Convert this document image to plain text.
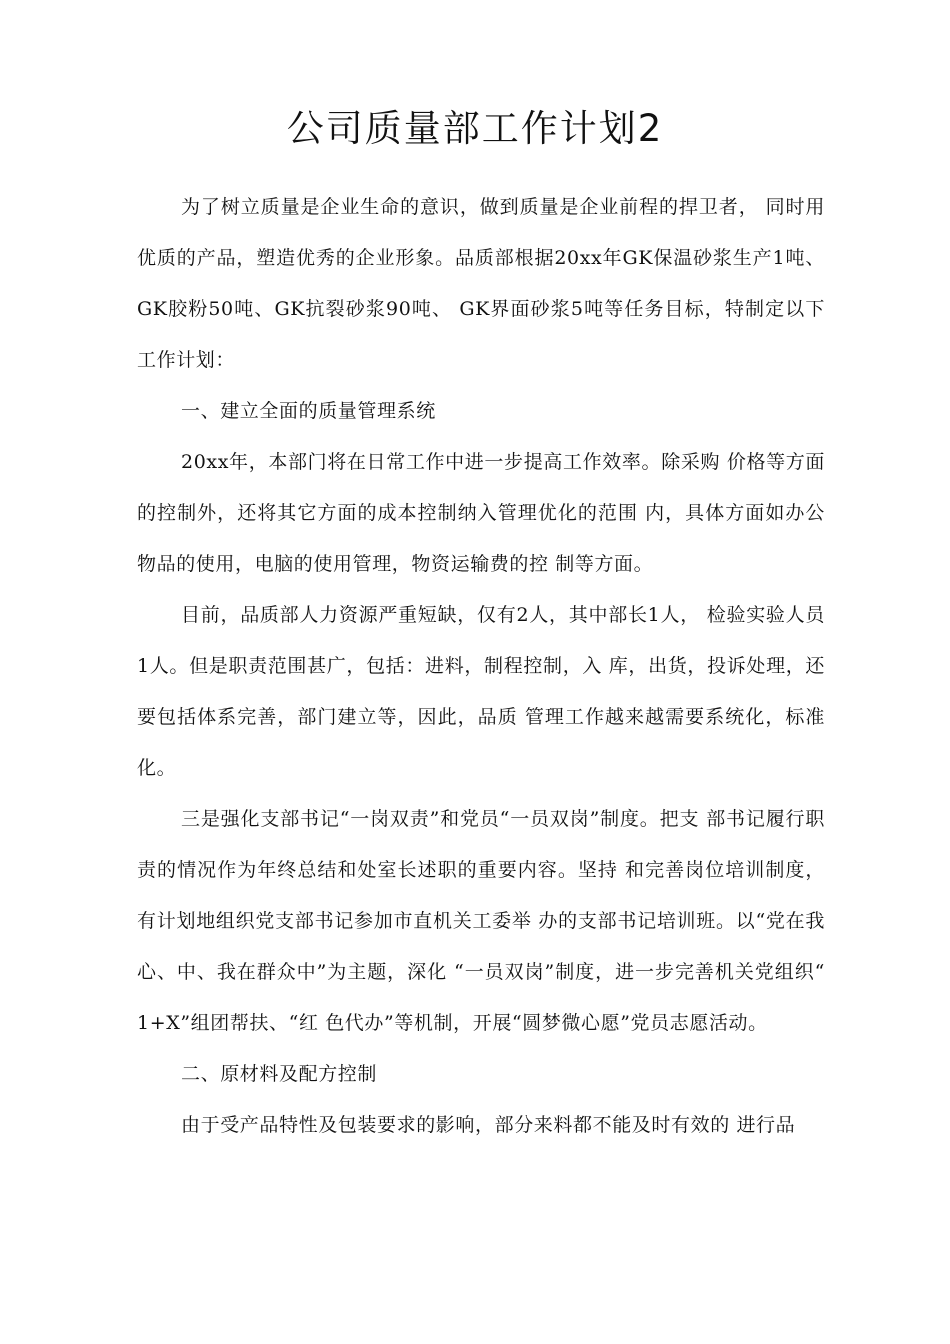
公司质量部工作计划2

为了树立质量是企业生命的意识，做到质量是企业前程的捍卫者， 同时用优质的产品，塑造优秀的企业形象。品质部根据20xx年GK保温砂浆生产1吨、GK胶粉50吨、GK抗裂砂浆90吨、 GK界面砂浆5吨等任务目标，特制定以下工作计划：

一、建立全面的质量管理系统

20xx年，本部门将在日常工作中进一步提高工作效率。除采购 价格等方面的控制外，还将其它方面的成本控制纳入管理优化的范围 内，具体方面如办公物品的使用，电脑的使用管理，物资运输费的控 制等方面。

目前，品质部人力资源严重短缺，仅有2人，其中部长1人， 检验实验人员1人。但是职责范围甚广，包括：进料，制程控制，入 库，出货，投诉处理，还要包括体系完善，部门建立等，因此，品质 管理工作越来越需要系统化，标准化。

三是强化支部书记“一岗双责”和党员“一员双岗”制度。把支 部书记履行职责的情况作为年终总结和处室长述职的重要内容。坚持 和完善岗位培训制度，有计划地组织党支部书记参加市直机关工委举 办的支部书记培训班。以“党在我心、中、我在群众中”为主题，深化 “一员双岗”制度，进一步完善机关党组织“ 1+X”组团帮扶、“红 色代办”等机制，开展“圆梦微心愿”党员志愿活动。

二、原材料及配方控制

由于受产品特性及包装要求的影响，部分来料都不能及时有效的 进行品
